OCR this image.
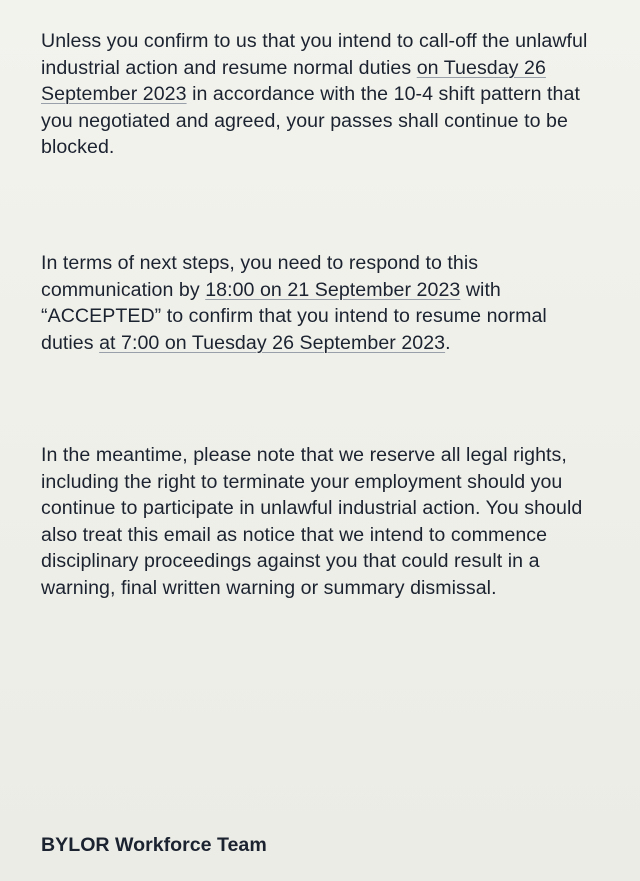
Unless you confirm to us that you intend to call-off the unlawful industrial action and resume normal duties on Tuesday 26 September 2023 in accordance with the 10-4 shift pattern that you negotiated and agreed, your passes shall continue to be blocked.

In terms of next steps, you need to respond to this communication by 18:00 on 21 September 2023 with “ACCEPTED” to confirm that you intend to resume normal duties at 7:00 on Tuesday 26 September 2023.

In the meantime, please note that we reserve all legal rights, including the right to terminate your employment should you continue to participate in unlawful industrial action. You should also treat this email as notice that we intend to commence disciplinary proceedings against you that could result in a warning, final written warning or summary dismissal.

BYLOR Workforce Team
